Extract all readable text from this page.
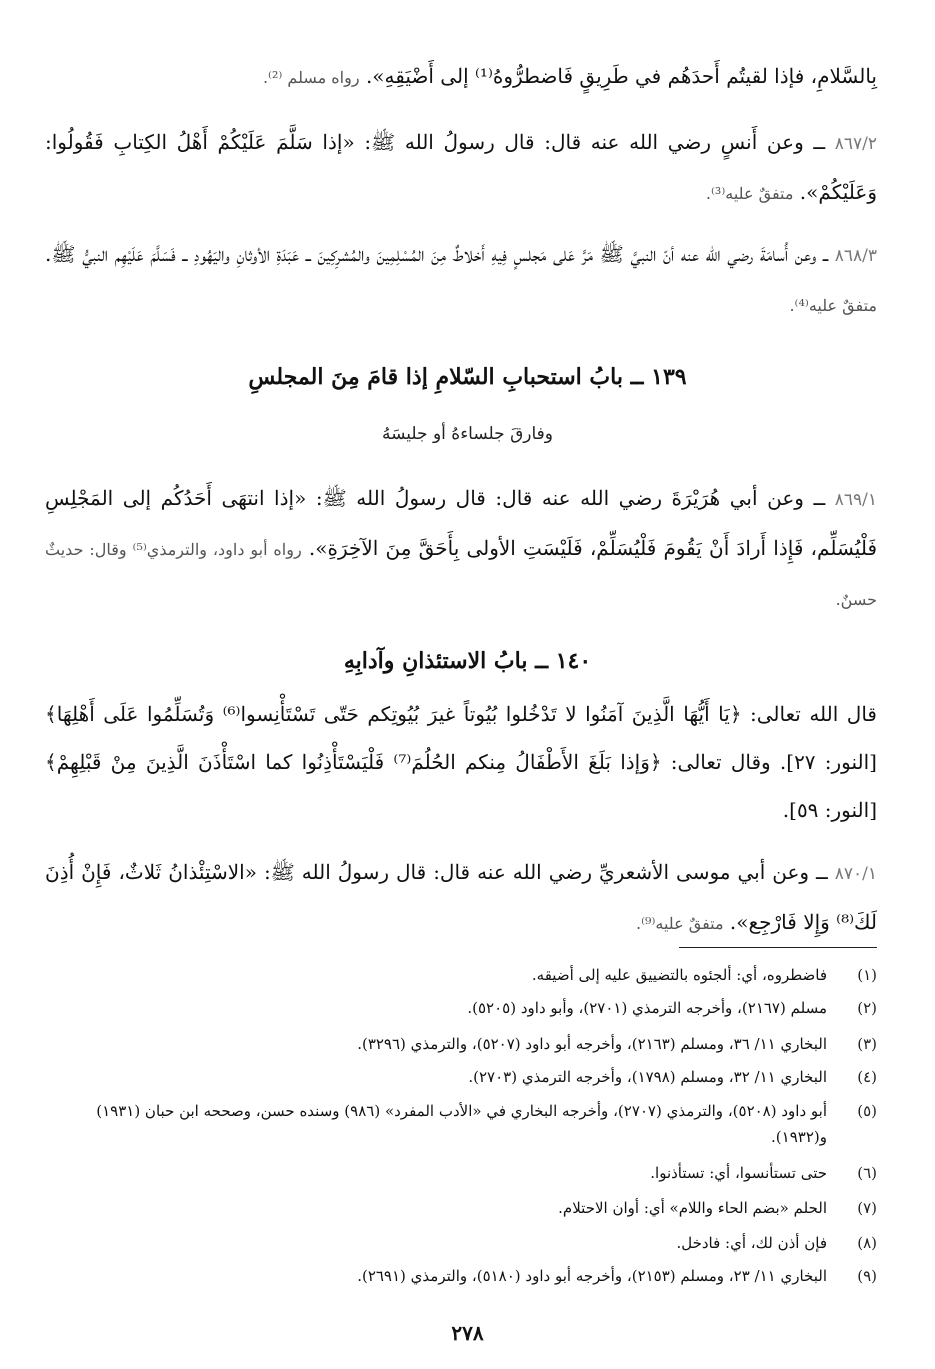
بِالسَّلامِ، فإذا لقيتُم أَحدَهُم في طَرِيقٍ فَاضطرُّوهُ⁽¹⁾ إلى أَضْيَقِهِ». رواه مسلم ⁽²⁾.

٨٦٧/٢ ــ وعن أَنسٍ رضي الله عنه قال: قال رسولُ الله ﷺ: «إذا سَلَّمَ عَلَيْكُمْ أَهْلُ الكِتابِ فَقُولُوا: وَعَلَيْكُمْ». متفقٌ عليه⁽³⁾.

٨٦٨/٣ ــ وعن أُسامَةَ رضي الله عنه أنّ النبيَّ ﷺ مَرَّ عَلى مَجلسٍ فِيهِ أَخلاطٌ مِنَ المُسْلِمِينَ والمُشرِكِينَ ــ عَبَدَةِ الأوثانِ واليَهُودِ ــ فَسَلَّمَ عَلَيْهِم النبيُّ ﷺ. متفقٌ عليه⁽⁴⁾.

١٣٩ ــ بابُ استحبابِ السّلامِ إذا قامَ مِنَ المجلسِ
وفارقَ جلساءهُ أو جليسَهُ

٨٦٩/١ ــ وعن أبي هُرَيْرَةَ رضي الله عنه قال: قال رسولُ الله ﷺ: «إذا انتهَى أَحَدُكُم إلى المَجْلِسِ فَلْيُسَلِّم، فَإِذا أَرادَ أَنْ يَقُومَ فَلْيُسَلِّمْ، فَلَيْسَتِ الأولى بِأَحَقَّ مِنَ الآخِرَةِ». رواه أبو داود، والترمذي⁽⁵⁾ وقال: حديثٌ حسنٌ.

١٤٠ ــ بابُ الاستئذانِ وآدابِهِ

قال الله تعالى: ﴿يَا أَيُّهَا الَّذِينَ آمَنُوا لا تَدْخُلوا بُيُوتاً غيرَ بُيُوتِكم حَتّى تَسْتَأْنِسوا⁽⁶⁾ وَتُسَلِّمُوا عَلَى أَهْلِهَا﴾ [النور: ٢٧]. وقال تعالى: ﴿وَإذا بَلَغَ الأَطْفَالُ مِنكم الحُلُمَ⁽⁷⁾ فَلْيَسْتَأْذِنُوا كما اسْتَأْذَنَ الَّذِينَ مِنْ قَبْلِهِمْ﴾ [النور: ٥٩].

٨٧٠/١ ــ وعن أبي موسى الأشعريِّ رضي الله عنه قال: قال رسولُ الله ﷺ: «الاسْتِئْذانُ ثَلاثٌ، فَإِنْ أُذِنَ لَكَ⁽⁸⁾ وَإِلا فَارْجِع». متفقٌ عليه⁽⁹⁾.

(١)
فاضطروه، أي: ألجئوه بالتضييق عليه إلى أضيقه.
(٢)
مسلم (٢١٦٧)، وأخرجه الترمذي (٢٧٠١)، وأبو داود (٥٢٠٥).
(٣)
البخاري ١١/ ٣٦، ومسلم (٢١٦٣)، وأخرجه أبو داود (٥٢٠٧)، والترمذي (٣٢٩٦).
(٤)
البخاري ١١/ ٣٢، ومسلم (١٧٩٨)، وأخرجه الترمذي (٢٧٠٣).
(٥)
أبو داود (٥٢٠٨)، والترمذي (٢٧٠٧)، وأخرجه البخاري في «الأدب المفرد» (٩٨٦) وسنده حسن، وصححه ابن حبان (١٩٣١) و(١٩٣٢).
(٦)
حتى تستأنسوا، أي: تستأذنوا.
(٧)
الحلم «بضم الحاء واللام» أي: أوان الاحتلام.
(٨)
فإن أذن لك، أي: فادخل.
(٩)
البخاري ١١/ ٢٣، ومسلم (٢١٥٣)، وأخرجه أبو داود (٥١٨٠)، والترمذي (٢٦٩١).
٢٧٨
